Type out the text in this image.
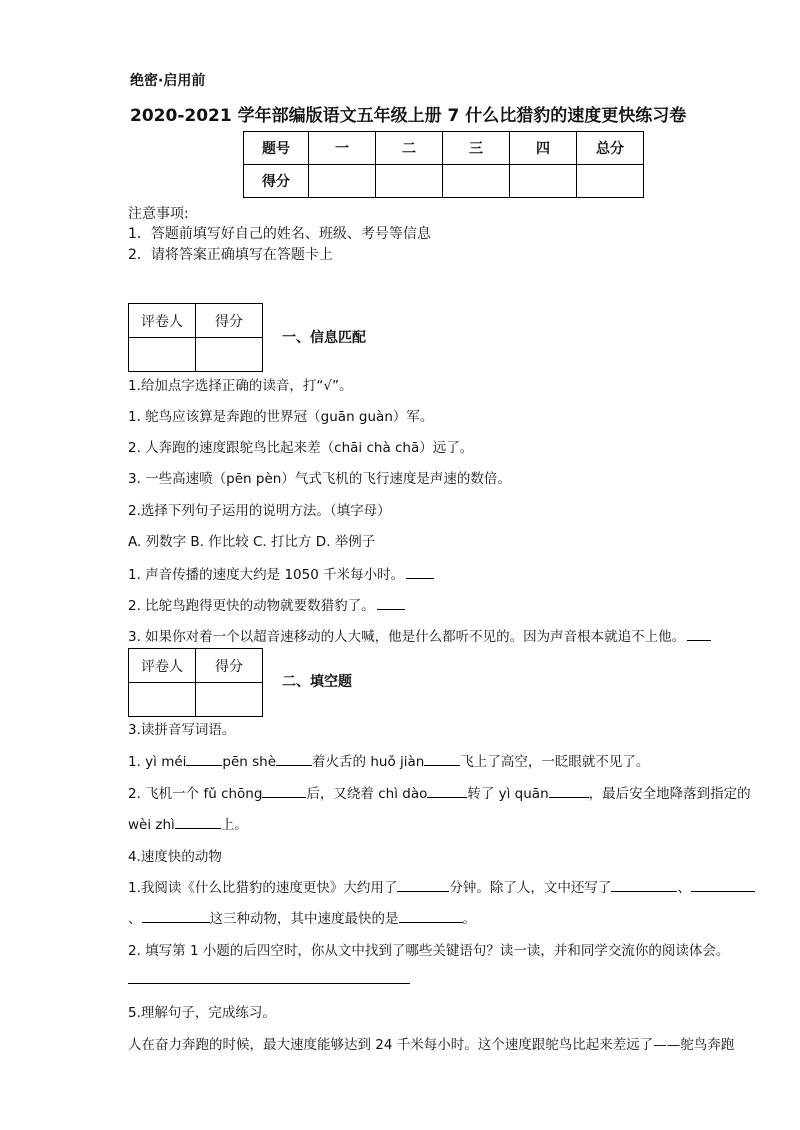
绝密·启用前
2020-2021 学年部编版语文五年级上册 7 什么比猎豹的速度更快练习卷
题号	一	二	三	四	总分
得分					
注意事项:
1．答题前填写好自己的姓名、班级、考号等信息
2．请将答案正确填写在答题卡上
评卷人	得分

一、信息匹配
1.给加点字选择正确的读音，打“√”。
1. 鸵鸟应该算是奔跑的世界冠（guān guàn）军。
2. 人奔跑的速度跟鸵鸟比起来差（chāi chà chā）远了。
3. 一些高速喷（pēn pèn）气式飞机的飞行速度是声速的数倍。
2.选择下列句子运用的说明方法。（填字母）
A. 列数字 B. 作比较 C. 打比方 D. 举例子
1. 声音传播的速度大约是 1050 千米每小时。
2. 比鸵鸟跑得更快的动物就要数猎豹了。
3. 如果你对着一个以超音速移动的人大喊，他是什么都听不见的。因为声音根本就追不上他。
评卷人	得分

二、填空题
3.读拼音写词语。
1. yì méi	pēn shè	着火舌的 huǒ jiàn	飞上了高空，一眨眼就不见了。
2. 飞机一个 fǔ chōng	后，又绕着 chì dào	转了 yì quān	，最后安全地降落到指定的
wèi zhì	上。
4.速度快的动物
1.我阅读《什么比猎豹的速度更快》大约用了	分钟。除了人，文中还写了	、
、	这三种动物，其中速度最快的是	。
2. 填写第 1 小题的后四空时，你从文中找到了哪些关键语句？读一读，并和同学交流你的阅读体会。
5.理解句子，完成练习。
人在奋力奔跑的时候，最大速度能够达到 24 千米每小时。这个速度跟鸵鸟比起来差远了——鸵鸟奔跑
